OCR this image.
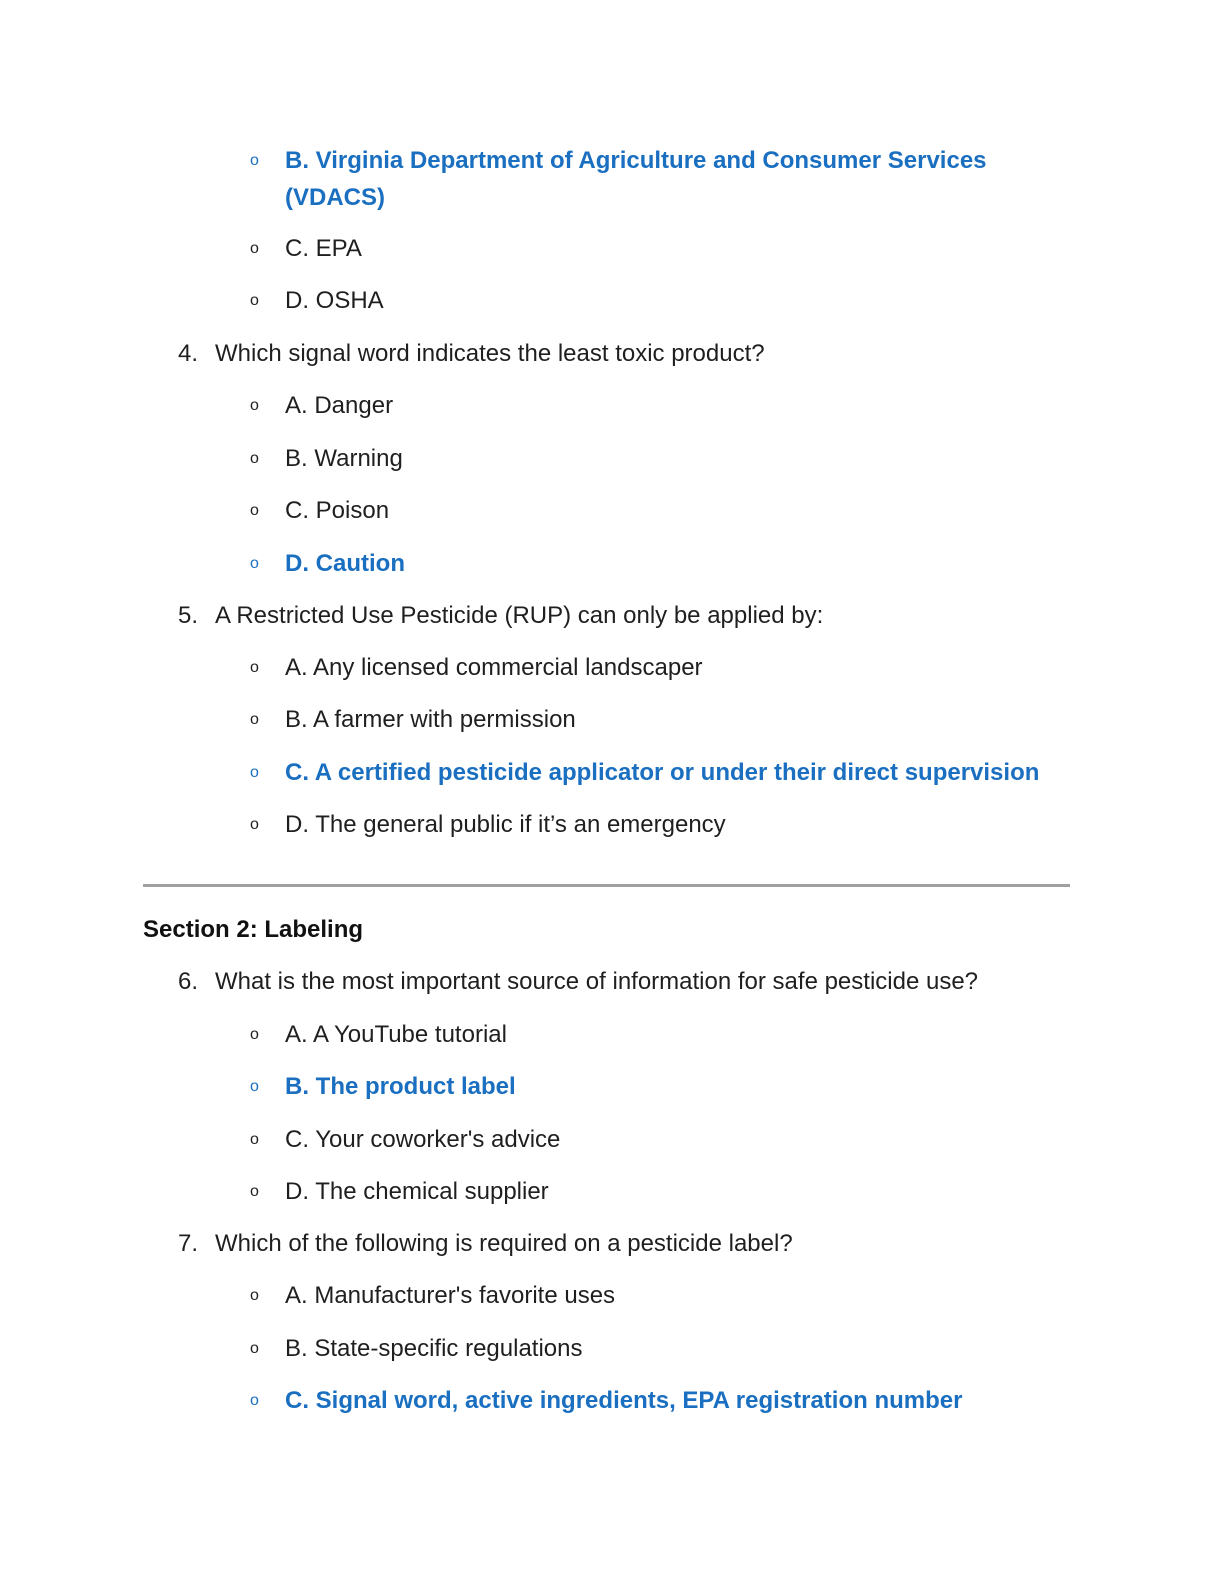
o B. Virginia Department of Agriculture and Consumer Services
(VDACS)
o C. EPA
o D. OSHA
4. Which signal word indicates the least toxic product?
o A. Danger
o B. Warning
o C. Poison
o D. Caution
5. A Restricted Use Pesticide (RUP) can only be applied by:
o A. Any licensed commercial landscaper
o B. A farmer with permission
o C. A certified pesticide applicator or under their direct supervision
o D. The general public if it’s an emergency
Section 2: Labeling
6. What is the most important source of information for safe pesticide use?
o A. A YouTube tutorial
o B. The product label
o C. Your coworker's advice
o D. The chemical supplier
7. Which of the following is required on a pesticide label?
o A. Manufacturer's favorite uses
o B. State-specific regulations
o C. Signal word, active ingredients, EPA registration number
